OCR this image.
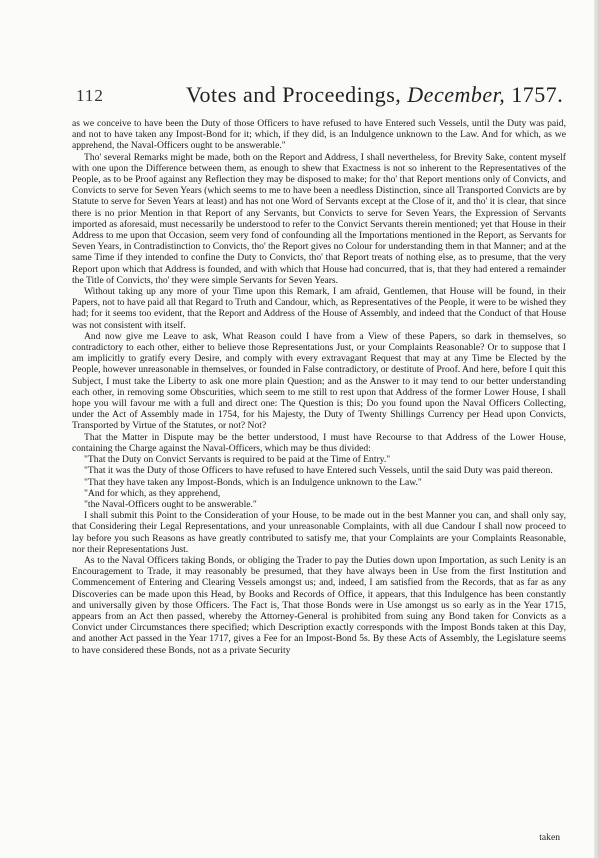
112	Votes and Proceedings, December, 1757.

as we conceive to have been the Duty of those Officers to have refused to have Entered such Vessels, until the Duty was paid, and not to have taken any Impost-Bond for it; which, if they did, is an Indulgence unknown to the Law. And for which, as we apprehend, the Naval-Officers ought to be answerable."

Tho' several Remarks might be made, both on the Report and Address, I shall nevertheless, for Brevity Sake, content myself with one upon the Difference between them, as enough to shew that Exactness is not so inherent to the Representatives of the People, as to be Proof against any Reflection they may be disposed to make; for tho' that Report mentions only of Convicts, and Convicts to serve for Seven Years (which seems to me to have been a needless Distinction, since all Transported Convicts are by Statute to serve for Seven Years at least) and has not one Word of Servants except at the Close of it, and tho' it is clear, that since there is no prior Mention in that Report of any Servants, but Convicts to serve for Seven Years, the Expression of Servants imported as aforesaid, must necessarily be understood to refer to the Convict Servants therein mentioned; yet that House in their Address to me upon that Occasion, seem very fond of confounding all the Importations mentioned in the Report, as Servants for Seven Years, in Contradistinction to Convicts, tho' the Report gives no Colour for understanding them in that Manner; and at the same Time if they intended to confine the Duty to Convicts, tho' that Report treats of nothing else, as to presume, that the very Report upon which that Address is founded, and with which that House had concurred, that is, that they had entered a remainder the Title of Convicts, tho' they were simple Servants for Seven Years.

Without taking up any more of your Time upon this Remark, I am afraid, Gentlemen, that House will be found, in their Papers, not to have paid all that Regard to Truth and Candour, which, as Representatives of the People, it were to be wished they had; for it seems too evident, that the Report and Address of the House of Assembly, and indeed that the Conduct of that House was not consistent with itself.

And now give me Leave to ask, What Reason could I have from a View of these Papers, so dark in themselves, so contradictory to each other, either to believe those Representations Just, or your Complaints Reasonable? Or to suppose that I am implicitly to gratify every Desire, and comply with every extravagant Request that may at any Time be Elected by the People, however unreasonable in themselves, or founded in False contradictory, or destitute of Proof. And here, before I quit this Subject, I must take the Liberty to ask one more plain Question; and as the Answer to it may tend to our better understanding each other, in removing some Obscurities, which seem to me still to rest upon that Address of the former Lower House, I shall hope you will favour me with a full and direct one: The Question is this; Do you found upon the Naval Officers Collecting, under the Act of Assembly made in 1754, for his Majesty, the Duty of Twenty Shillings Currency per Head upon Convicts, Transported by Virtue of the Statutes, or not? Not?

That the Matter in Dispute may be the better understood, I must have Recourse to that Address of the Lower House, containing the Charge against the Naval-Officers, which may be thus divided:

"That the Duty on Convict Servants is required to be paid at the Time of Entry."

"That it was the Duty of those Officers to have refused to have Entered such Vessels, until the said Duty was paid thereon.

"That they have taken any Impost-Bonds, which is an Indulgence unknown to the Law."

"And for which, as they apprehend,

"the Naval-Officers ought to be answerable."

I shall submit this Point to the Consideration of your House, to be made out in the best Manner you can, and shall only say, that Considering their Legal Representations, and your unreasonable Complaints, with all due Candour I shall now proceed to lay before you such Reasons as have greatly contributed to satisfy me, that your Complaints are your Complaints Reasonable, nor their Representations Just.

As to the Naval Officers taking Bonds, or obliging the Trader to pay the Duties down upon Importation, as such Lenity is an Encouragement to Trade, it may reasonably be presumed, that they have always been in Use from the first Institution and Commencement of Entering and Clearing Vessels amongst us; and, indeed, I am satisfied from the Records, that as far as any Discoveries can be made upon this Head, by Books and Records of Office, it appears, that this Indulgence has been constantly and universally given by those Officers. The Fact is, That those Bonds were in Use amongst us so early as in the Year 1715, appears from an Act then passed, whereby the Attorney-General is prohibited from suing any Bond taken for Convicts as a Convict under Circumstances there specified; which Description exactly corresponds with the Impost Bonds taken at this Day, and another Act passed in the Year 1717, gives a Fee for an Impost-Bond 5s. By these Acts of Assembly, the Legislature seems to have considered these Bonds, not as a private Security

taken
